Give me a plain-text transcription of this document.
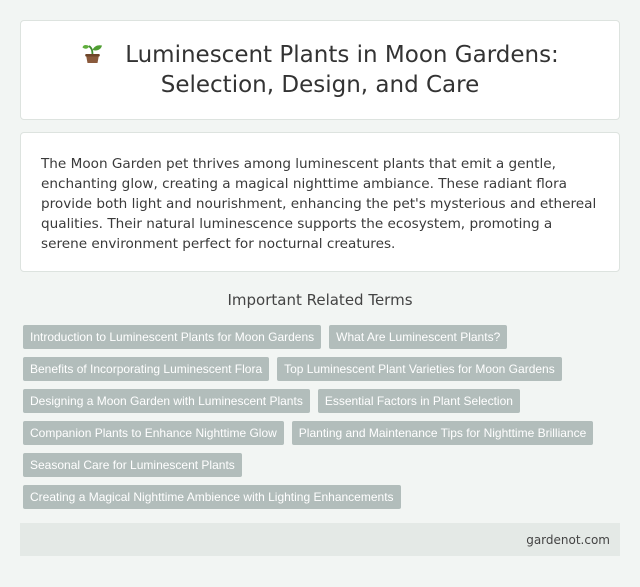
Luminescent Plants in Moon Gardens:
Selection, Design, and Care

The Moon Garden pet thrives among luminescent plants that emit a gentle, enchanting glow, creating a magical nighttime ambiance. These radiant flora provide both light and nourishment, enhancing the pet's mysterious and ethereal qualities. Their natural luminescence supports the ecosystem, promoting a serene environment perfect for nocturnal creatures.

Important Related Terms
Introduction to Luminescent Plants for Moon Gardens	What Are Luminescent Plants?
Benefits of Incorporating Luminescent Flora	Top Luminescent Plant Varieties for Moon Gardens
Designing a Moon Garden with Luminescent Plants	Essential Factors in Plant Selection
Companion Plants to Enhance Nighttime Glow	Planting and Maintenance Tips for Nighttime Brilliance
Seasonal Care for Luminescent Plants
Creating a Magical Nighttime Ambience with Lighting Enhancements
gardenot.com
